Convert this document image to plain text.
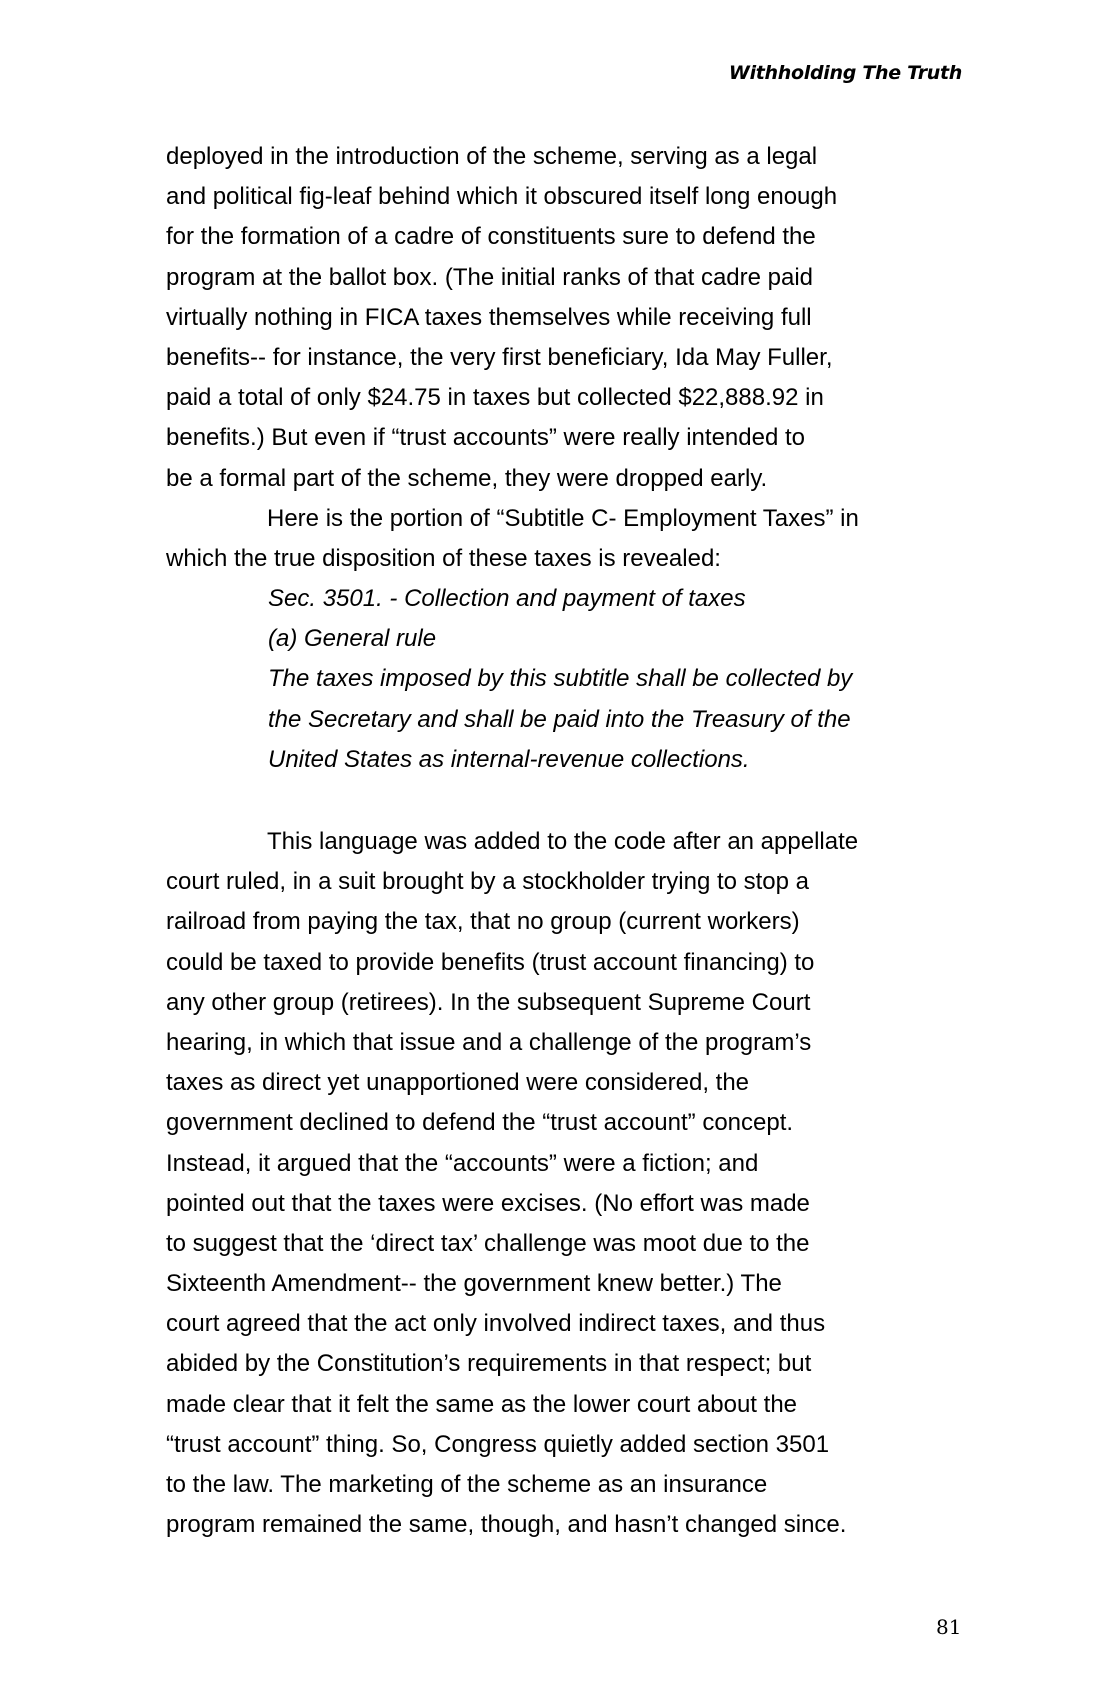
Withholding The Truth
deployed in the introduction of the scheme, serving as a legal
and political fig-leaf behind which it obscured itself long enough
for the formation of a cadre of constituents sure to defend the
program at the ballot box. (The initial ranks of that cadre paid
virtually nothing in FICA taxes themselves while receiving full
benefits-- for instance, the very first beneficiary, Ida May Fuller,
paid a total of only $24.75 in taxes but collected $22,888.92 in
benefits.) But even if “trust accounts” were really intended to
be a formal part of the scheme, they were dropped early.
Here is the portion of “Subtitle C- Employment Taxes” in
which the true disposition of these taxes is revealed:
Sec. 3501. - Collection and payment of taxes
(a) General rule
The taxes imposed by this subtitle shall be collected by
the Secretary and shall be paid into the Treasury of the
United States as internal-revenue collections.
This language was added to the code after an appellate
court ruled, in a suit brought by a stockholder trying to stop a
railroad from paying the tax, that no group (current workers)
could be taxed to provide benefits (trust account financing) to
any other group (retirees). In the subsequent Supreme Court
hearing, in which that issue and a challenge of the program’s
taxes as direct yet unapportioned were considered, the
government declined to defend the “trust account” concept.
Instead, it argued that the “accounts” were a fiction; and
pointed out that the taxes were excises. (No effort was made
to suggest that the ‘direct tax’ challenge was moot due to the
Sixteenth Amendment-- the government knew better.) The
court agreed that the act only involved indirect taxes, and thus
abided by the Constitution’s requirements in that respect; but
made clear that it felt the same as the lower court about the
“trust account” thing. So, Congress quietly added section 3501
to the law. The marketing of the scheme as an insurance
program remained the same, though, and hasn’t changed since.
81
